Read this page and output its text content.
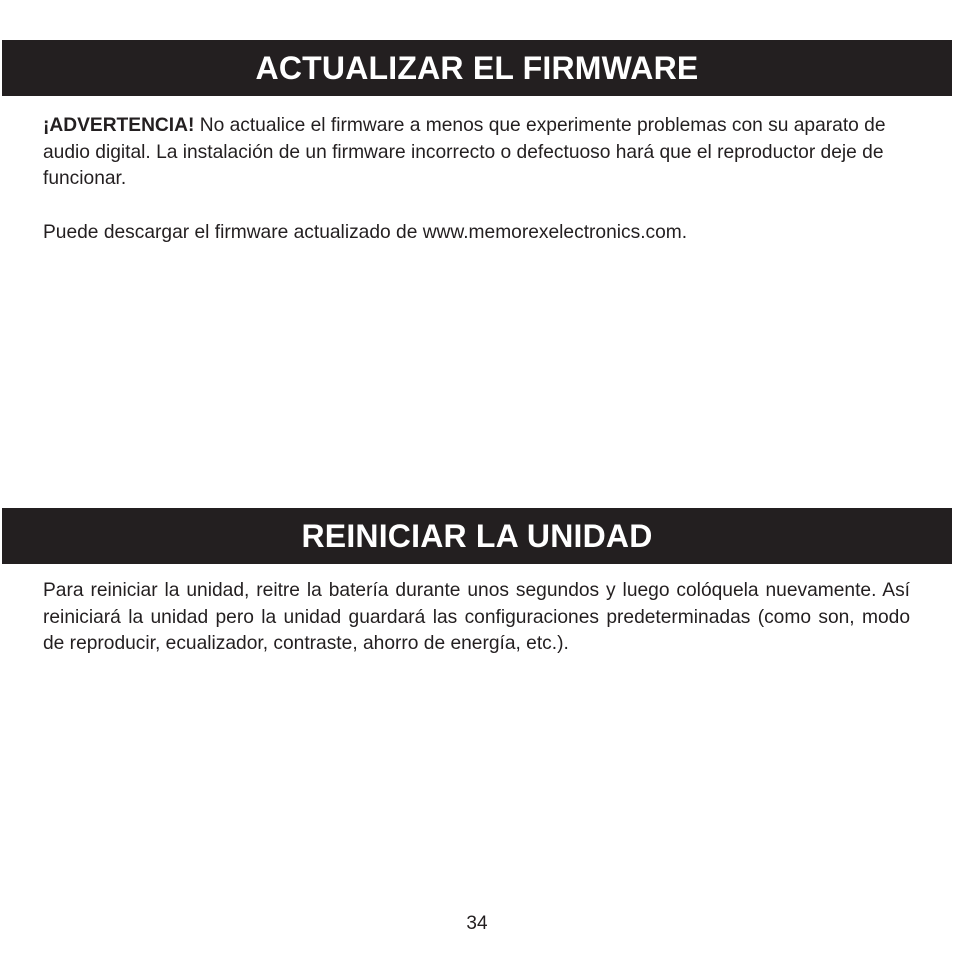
ACTUALIZAR EL FIRMWARE

¡ADVERTENCIA! No actualice el firmware a menos que experimente problemas con su aparato de audio digital. La instalación de un firmware incorrecto o defectuoso hará que el reproductor deje de funcionar.

Puede descargar el firmware actualizado de www.memorexelectronics.com.

REINICIAR LA UNIDAD

Para reiniciar la unidad, reitre la batería durante unos segundos y luego colóquela nuevamente. Así reiniciará la unidad pero la unidad guardará las configuraciones predeterminadas (como son, modo de reproducir, ecualizador, contraste, ahorro de energía, etc.).

34
